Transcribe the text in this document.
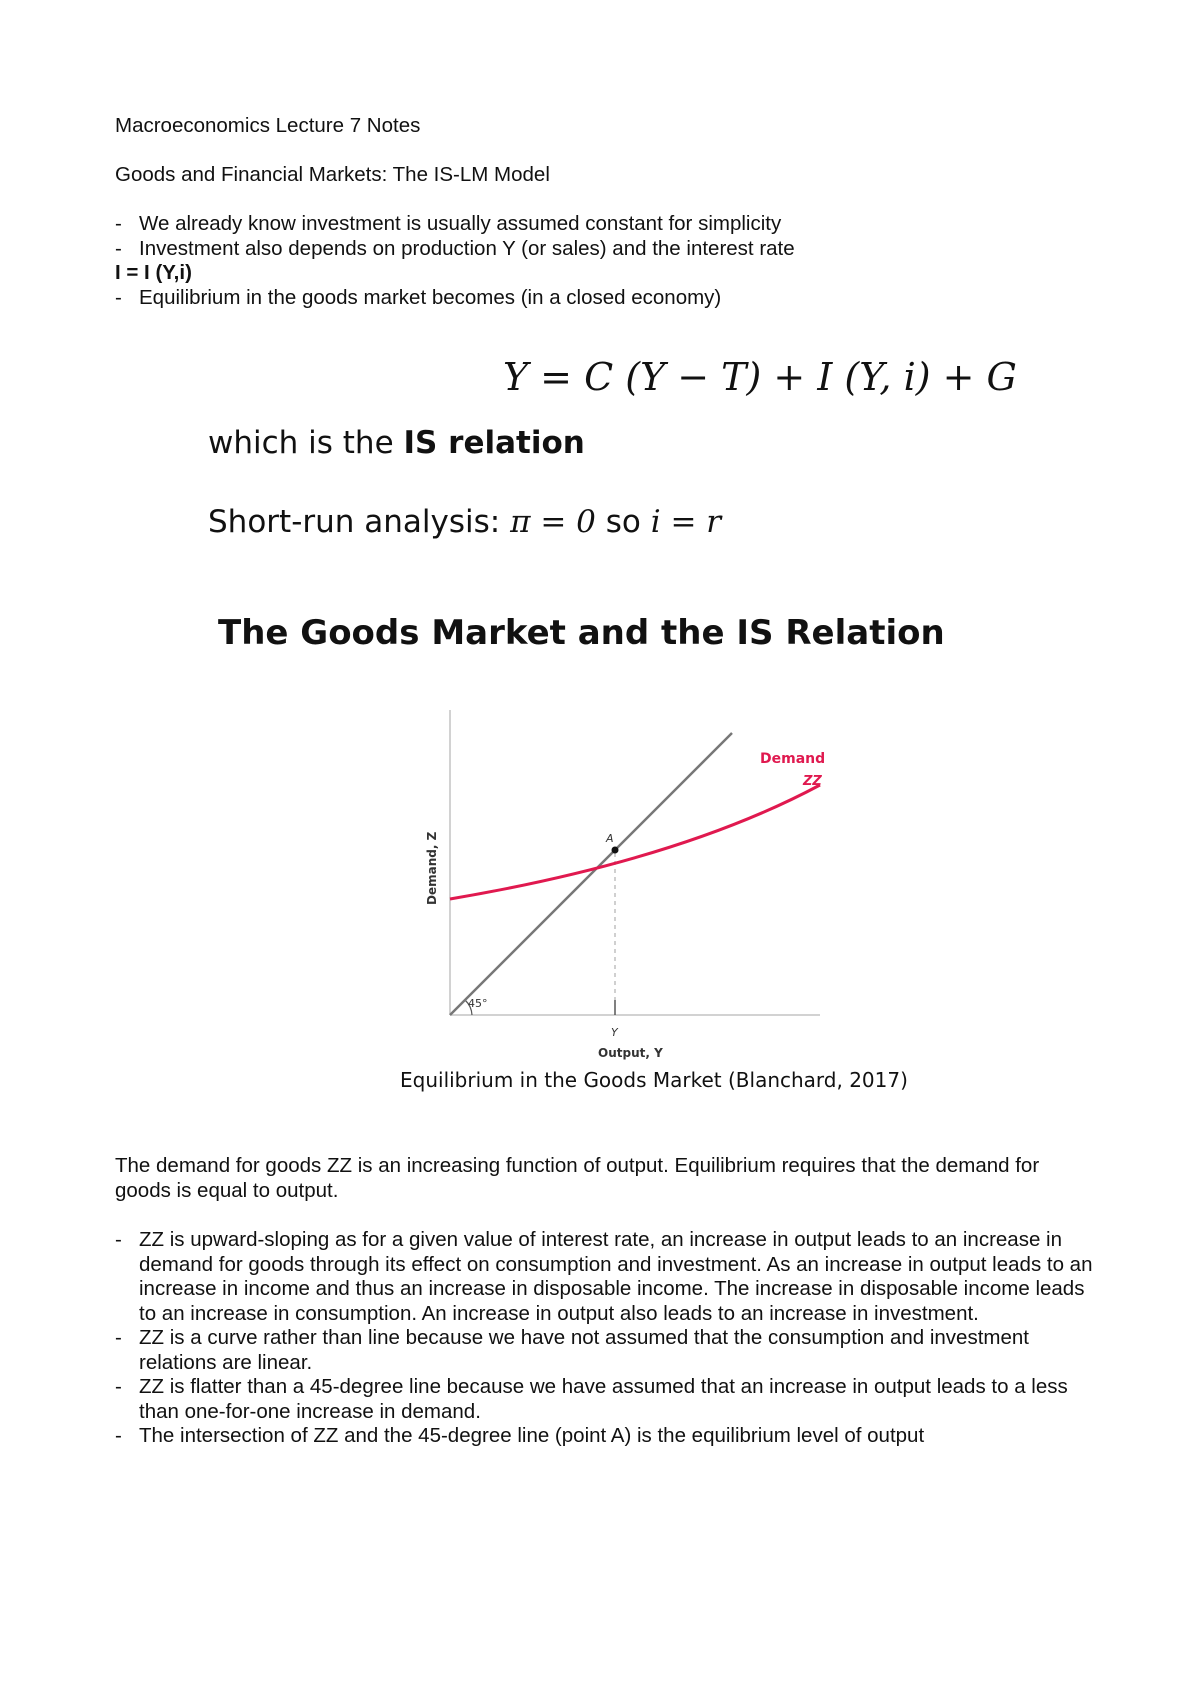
Macroeconomics Lecture 7 Notes
Goods and Financial Markets: The IS-LM Model
- We already know investment is usually assumed constant for simplicity
- Investment also depends on production Y (or sales) and the interest rate
I = I (Y,i)
- Equilibrium in the goods market becomes (in a closed economy)
Y = C (Y − T) + I (Y, i) + G
which is the IS relation
Short-run analysis: π = 0 so i = r
The Goods Market and the IS Relation
A
45°
Demand
ZZ
Y
Output, Y
Demand, Z
Equilibrium in the Goods Market (Blanchard, 2017)
The demand for goods ZZ is an increasing function of output. Equilibrium requires that the demand for goods is equal to output.
- ZZ is upward-sloping as for a given value of interest rate, an increase in output leads to an increase in demand for goods through its effect on consumption and investment. As an increase in output leads to an increase in income and thus an increase in disposable income. The increase in disposable income leads to an increase in consumption. An increase in output also leads to an increase in investment.
- ZZ is a curve rather than line because we have not assumed that the consumption and investment relations are linear.
- ZZ is flatter than a 45-degree line because we have assumed that an increase in output leads to a less than one-for-one increase in demand.
- The intersection of ZZ and the 45-degree line (point A) is the equilibrium level of output
